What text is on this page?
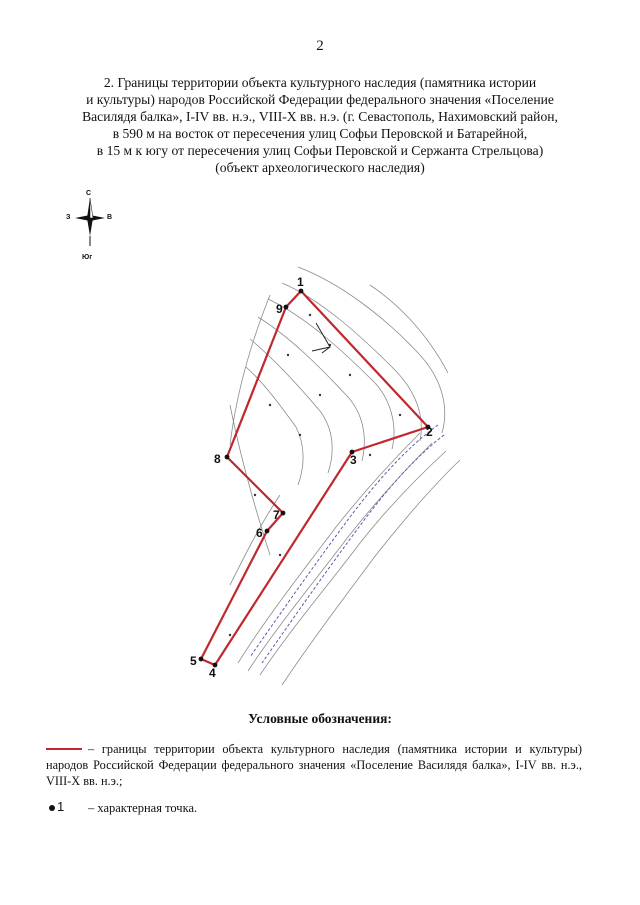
2
2. Границы территории объекта культурного наследия (памятника истории
и культуры) народов Российской Федерации федерального значения «Поселение
Василядя балка», I-IV вв. н.э., VIII-X вв. н.э. (г. Севастополь, Нахимовский район,
в 590 м на восток от пересечения улиц Софьи Перовской и Батарейной,
в 15 м к югу от пересечения улиц Софьи Перовской и Сержанта Стрельцова)
(объект археологического наследия)
С
З	В
Юг
1
2
3
4
5
6
7
8
9
Условные обозначения:
– границы территории объекта культурного наследия (памятника истории и культуры) народов Российской Федерации федерального значения «Поселение Василядя балка», I-IV вв. н.э., VIII-X вв. н.э.;
1 – характерная точка.
